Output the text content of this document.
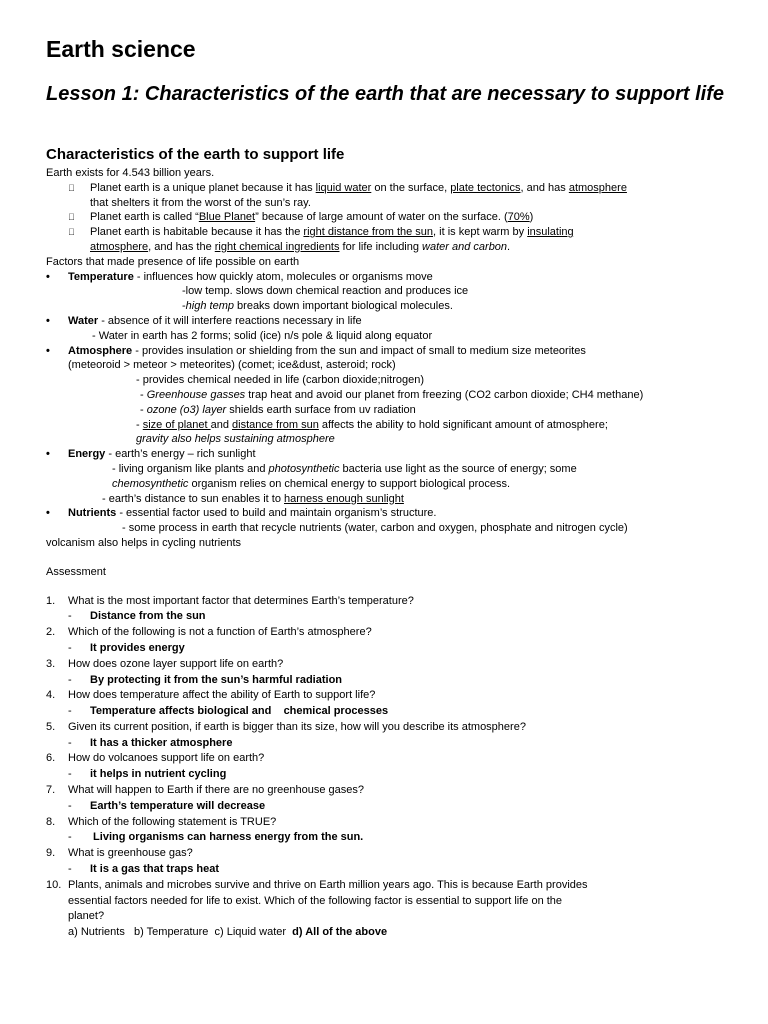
Earth science
Lesson 1: Characteristics of the earth that are necessary to support life
Characteristics of the earth to support life
Earth exists for 4.543 billion years.
Planet earth is a unique planet because it has liquid water on the surface, plate tectonics, and has atmosphere
that shelters it from the worst of the sun’s ray.
Planet earth is called “Blue Planet” because of large amount of water on the surface. (70%)
Planet earth is habitable because it has the right distance from the sun, it is kept warm by insulating
atmosphere, and has the right chemical ingredients for life including water and carbon.
Factors that made presence of life possible on earth
• Temperature - influences how quickly atom, molecules or organisms move
-low temp. slows down chemical reaction and produces ice
-high temp breaks down important biological molecules.
• Water - absence of it will interfere reactions necessary in life
- Water in earth has 2 forms; solid (ice) n/s pole & liquid along equator
• Atmosphere - provides insulation or shielding from the sun and impact of small to medium size meteorites
(meteoroid > meteor > meteorites) (comet; ice&dust, asteroid; rock)
- provides chemical needed in life (carbon dioxide;nitrogen)
- Greenhouse gasses trap heat and avoid our planet from freezing (CO2 carbon dioxide; CH4 methane)
- ozone (o3) layer shields earth surface from uv radiation
- size of planet and distance from sun affects the ability to hold significant amount of atmosphere;
gravity also helps sustaining atmosphere
• Energy - earth’s energy – rich sunlight
- living organism like plants and photosynthetic bacteria use light as the source of energy; some
chemosynthetic organism relies on chemical energy to support biological process.
- earth’s distance to sun enables it to harness enough sunlight
• Nutrients - essential factor used to build and maintain organism’s structure.
- some process in earth that recycle nutrients (water, carbon and oxygen, phosphate and nitrogen cycle)
volcanism also helps in cycling nutrients
Assessment
1. What is the most important factor that determines Earth’s temperature?
- Distance from the sun
2. Which of the following is not a function of Earth’s atmosphere?
- It provides energy
3. How does ozone layer support life on earth?
- By protecting it from the sun’s harmful radiation
4. How does temperature affect the ability of Earth to support life?
- Temperature affects biological and    chemical processes
5. Given its current position, if earth is bigger than its size, how will you describe its atmosphere?
- It has a thicker atmosphere
6. How do volcanoes support life on earth?
- it helps in nutrient cycling
7. What will happen to Earth if there are no greenhouse gases?
- Earth’s temperature will decrease
8. Which of the following statement is TRUE?
- Living organisms can harness energy from the sun.
9. What is greenhouse gas?
- It is a gas that traps heat
10. Plants, animals and microbes survive and thrive on Earth million years ago. This is because Earth provides
essential factors needed for life to exist. Which of the following factor is essential to support life on the
planet?
a) Nutrients   b) Temperature  c) Liquid water  d) All of the above
